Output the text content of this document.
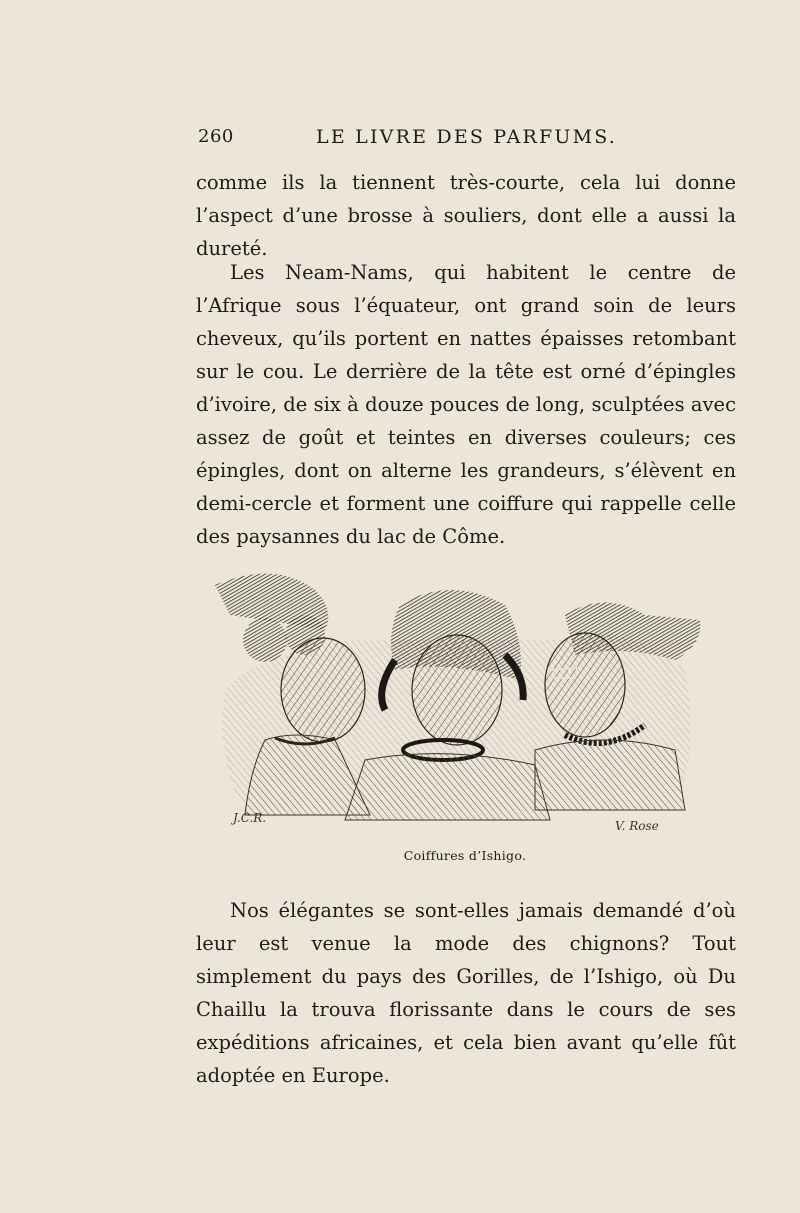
260	LE LIVRE DES PARFUMS.

comme ils la tiennent très-courte, cela lui donne l’aspect d’une brosse à souliers, dont elle a aussi la dureté.

Les Neam-Nams, qui habitent le centre de l’Afrique sous l’équateur, ont grand soin de leurs cheveux, qu’ils portent en nattes épaisses retombant sur le cou. Le derrière de la tête est orné d’épingles d’ivoire, de six à douze pouces de long, sculptées avec assez de goût et teintes en diverses couleurs; ces épingles, dont on alterne les grandeurs, s’élèvent en demi-cercle et forment une coiffure qui rappelle celle des paysannes du lac de Côme.

J.C.R.
V. Rose
Coiffures d’Ishigo.

Nos élégantes se sont-elles jamais demandé d’où leur est venue la mode des chignons? Tout simplement du pays des Gorilles, de l’Ishigo, où Du Chaillu la trouva florissante dans le cours de ses expéditions africaines, et cela bien avant qu’elle fût adoptée en Europe.
